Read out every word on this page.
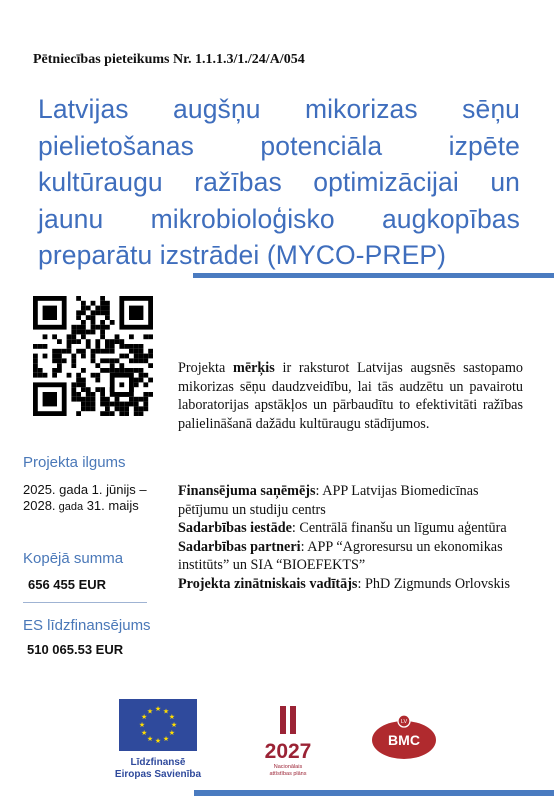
Pētniecības pieteikums Nr. 1.1.1.3/1./24/A/054
Latvijas augšņu mikorizas sēņu pielietošanas potenciāla izpēte kultūraugu ražības optimizācijai un jaunu mikrobioloģisko augkopības preparātu izstrādei (MYCO-PREP)
Projekta ilgums
2025. gada 1. jūnijs –
2028. gada 31. maijs
Kopējā summa
656 455 EUR
ES līdzfinansējums
510 065.53 EUR
Projekta mērķis ir raksturot Latvijas augsnēs sastopamo mikorizas sēņu daudzveidību, lai tās audzētu un pavairotu laboratorijas apstākļos un pārbaudītu to efektivitāti ražības palielināšanā dažādu kultūraugu stādījumos.

Finansējuma saņēmējs: APP Latvijas Biomedicīnas pētījumu un studiju centrs

Sadarbības iestāde: Centrālā finanšu un līgumu aģentūra

Sadarbības partneri: APP “Agroresursu un ekonomikas institūts” un SIA “BIOEFEKTS”

Projekta zinātniskais vadītājs: PhD Zigmunds Orlovskis

★ ★
★
★
★
★
★
★
★
★
★
★
Līdzfinansē
Eiropas Savienība
2027
Nacionālais
attīstības plāns
LV
BMC
